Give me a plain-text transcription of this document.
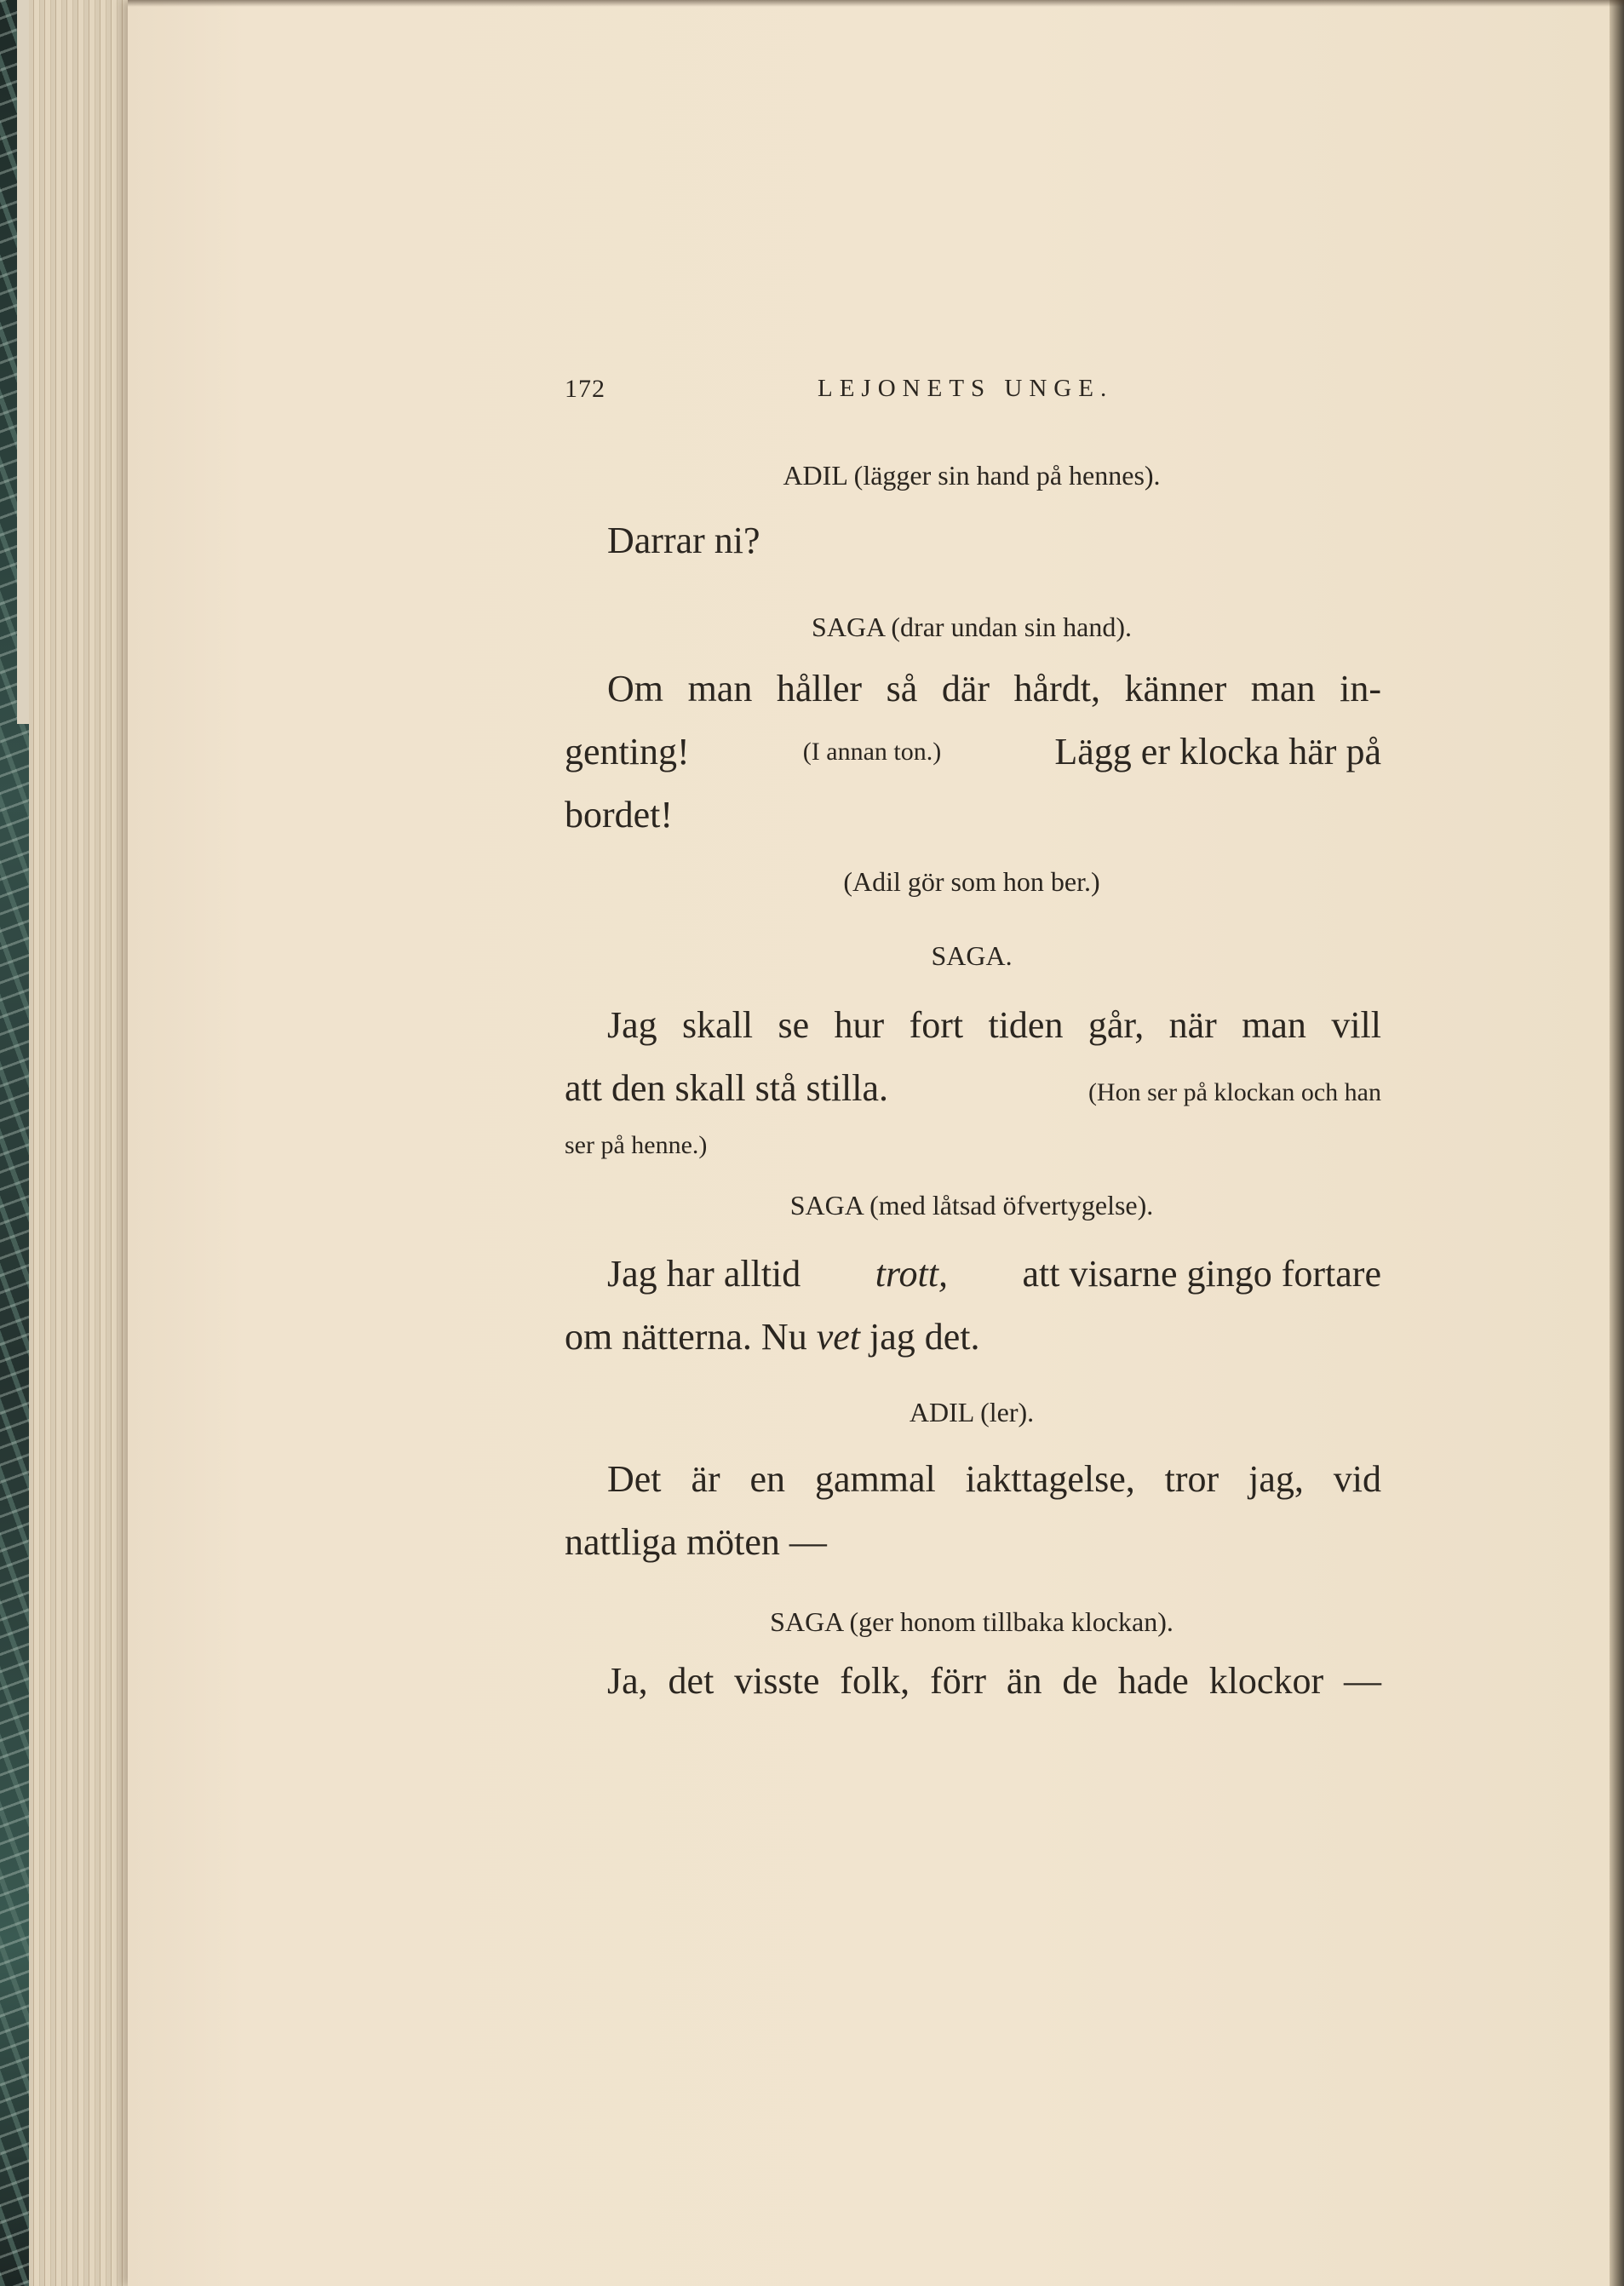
172	LEJONETS UNGE.
ADIL (lägger sin hand på hennes).
Darrar ni?
SAGA (drar undan sin hand).
Om man håller så där hårdt, känner man in-
genting!	(I annan ton.)	Lägg er klocka här på
bordet!
(Adil gör som hon ber.)
SAGA.
Jag skall se hur fort tiden går, när man vill
att den skall stå stilla.	(Hon ser på klockan och han
ser på henne.)
SAGA (med låtsad öfvertygelse).
Jag har alltid trott, att visarne gingo fortare
om nätterna. Nu vet jag det.
ADIL (ler).
Det är en gammal iakttagelse, tror jag, vid
nattliga möten —
SAGA (ger honom tillbaka klockan).
Ja, det visste folk, förr än de hade klockor —
